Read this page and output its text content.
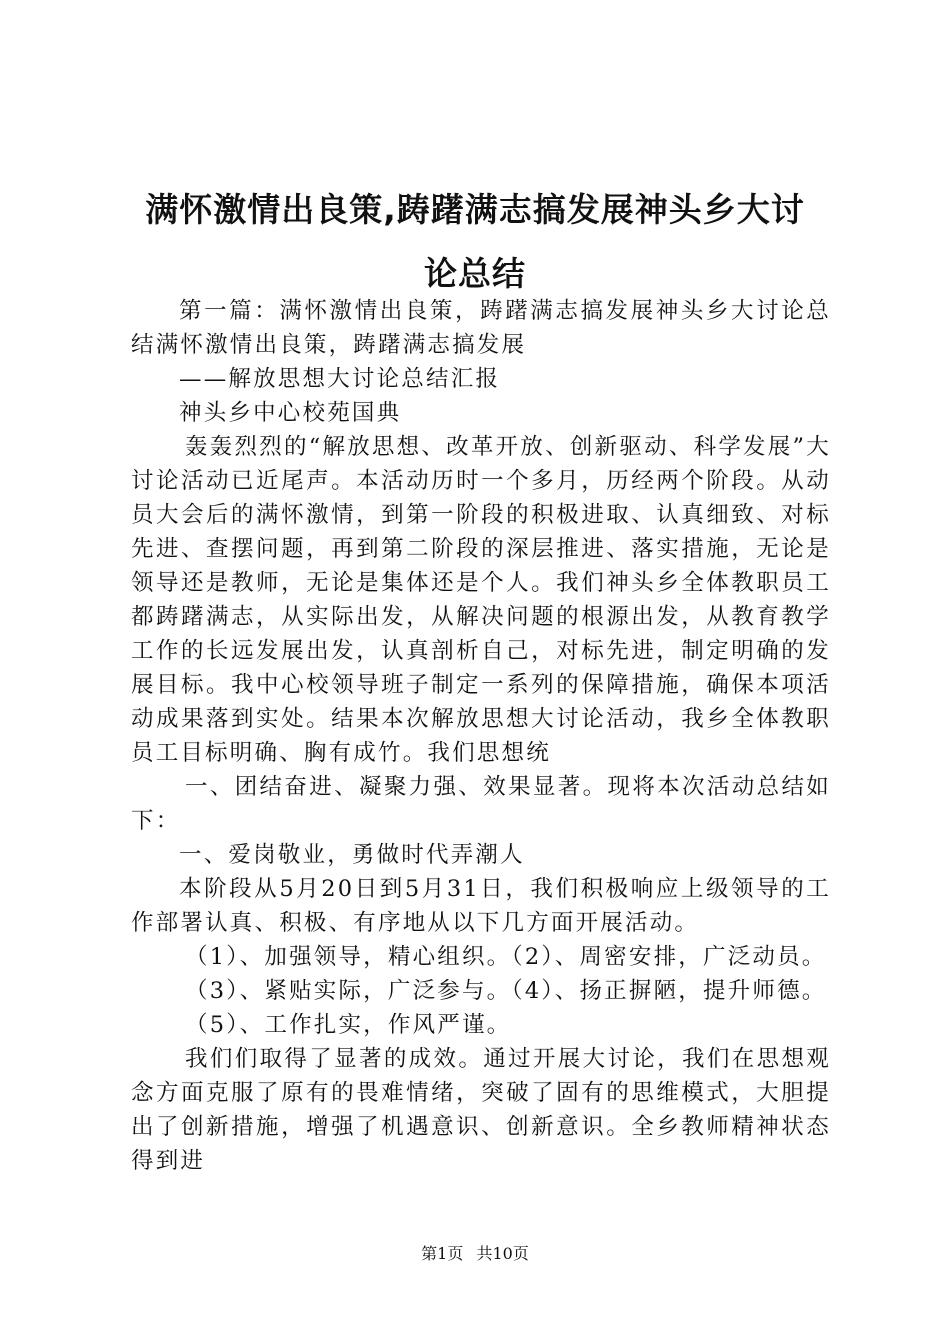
满怀激情出良策,踌躇满志搞发展神头乡大讨
论总结

第一篇：满怀激情出良策，踌躇满志搞发展神头乡大讨论总结满怀激情出良策，踌躇满志搞发展

——解放思想大讨论总结汇报

神头乡中心校苑国典

轰轰烈烈的“解放思想、改革开放、创新驱动、科学发展”大讨论活动已近尾声。本活动历时一个多月，历经两个阶段。从动员大会后的满怀激情，到第一阶段的积极进取、认真细致、对标先进、查摆问题，再到第二阶段的深层推进、落实措施，无论是领导还是教师，无论是集体还是个人。我们神头乡全体教职员工都踌躇满志，从实际出发，从解决问题的根源出发，从教育教学工作的长远发展出发，认真剖析自己，对标先进，制定明确的发展目标。我中心校领导班子制定一系列的保障措施，确保本项活动成果落到实处。结果本次解放思想大讨论活动，我乡全体教职员工目标明确、胸有成竹。我们思想统

一、团结奋进、凝聚力强、效果显著。现将本次活动总结如下：

一、爱岗敬业，勇做时代弄潮人

本阶段从5月20日到5月31日，我们积极响应上级领导的工作部署认真、积极、有序地从以下几方面开展活动。

（1）、加强领导，精心组织。（2）、周密安排，广泛动员。

（3）、紧贴实际，广泛参与。（4）、扬正摒陋，提升师德。

（5）、工作扎实，作风严谨。

我们们取得了显著的成效。通过开展大讨论，我们在思想观念方面克服了原有的畏难情绪，突破了固有的思维模式，大胆提出了创新措施，增强了机遇意识、创新意识。全乡教师精神状态得到进

第1页 共10页
